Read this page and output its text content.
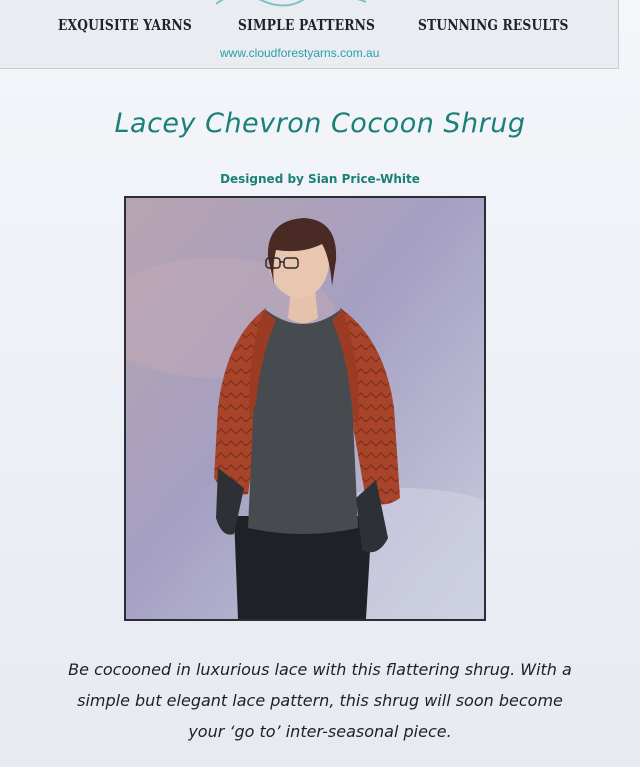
EXQUISITE YARNS	SIMPLE PATTERNS	STUNNING RESULTS
www.cloudforestyarns.com.au
Lacey Chevron Cocoon Shrug
Designed by Sian Price-White
Be cocooned in luxurious lace with this flattering shrug. With a
simple but elegant lace pattern, this shrug will soon become
your ‘go to’ inter-seasonal piece.
